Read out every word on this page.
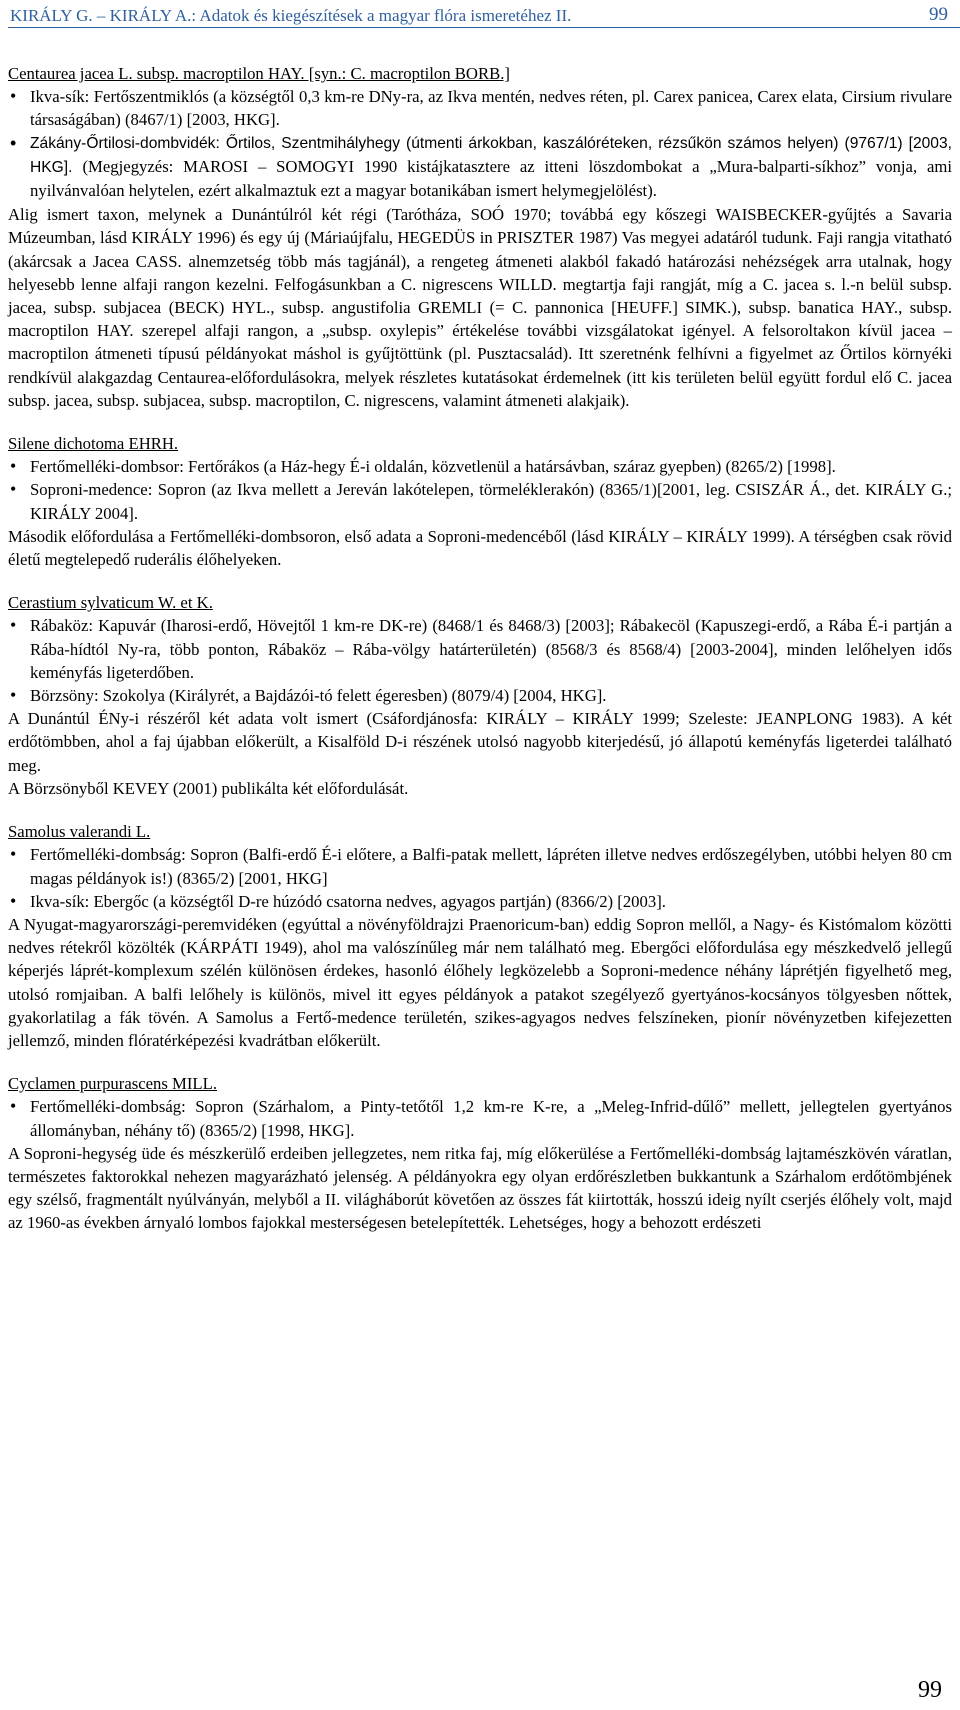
KIRÁLY G. – KIRÁLY A.: Adatok és kiegészítések a magyar flóra ismeretéhez II.	99

Centaurea jacea L. subsp. macroptilon HAY. [syn.: C. macroptilon BORB.]

• Ikva-sík: Fertőszentmiklós (a községtől 0,3 km-re DNy-ra, az Ikva mentén, nedves réten, pl. Carex panicea, Carex elata, Cirsium rivulare társaságában) (8467/1) [2003, HKG].
• Zákány-Őrtilosi-dombvidék: Őrtilos, Szentmihályhegy (útmenti árkokban, kaszálóréteken, rézsűkön számos helyen) (9767/1) [2003, HKG]. (Megjegyzés: MAROSI – SOMOGYI 1990 kistájkatasztere az itteni löszdombokat a „Mura-balparti-síkhoz” vonja, ami nyilvánvalóan helytelen, ezért alkalmaztuk ezt a magyar botanikában ismert helymegjelölést).

Alig ismert taxon, melynek a Dunántúlról két régi (Tarótháza, SOÓ 1970; továbbá egy kőszegi WAISBECKER-gyűjtés a Savaria Múzeumban, lásd KIRÁLY 1996) és egy új (Máriaújfalu, HEGEDÜS in PRISZTER 1987) Vas megyei adatáról tudunk. Faji rangja vitatható (akárcsak a Jacea CASS. alnemzetség több más tagjánál), a rengeteg átmeneti alakból fakadó határozási nehézségek arra utalnak, hogy helyesebb lenne alfaji rangon kezelni. Felfogásunkban a C. nigrescens WILLD. megtartja faji rangját, míg a C. jacea s. l.-n belül subsp. jacea, subsp. subjacea (BECK) HYL., subsp. angustifolia GREMLI (= C. pannonica [HEUFF.] SIMK.), subsp. banatica HAY., subsp. macroptilon HAY. szerepel alfaji rangon, a „subsp. oxylepis” értékelése további vizsgálatokat igényel. A felsoroltakon kívül jacea – macroptilon átmeneti típusú példányokat máshol is gyűjtöttünk (pl. Pusztacsalád). Itt szeretnénk felhívni a figyelmet az Őrtilos környéki rendkívül alakgazdag Centaurea-előfordulásokra, melyek részletes kutatásokat érdemelnek (itt kis területen belül együtt fordul elő C. jacea subsp. jacea, subsp. subjacea, subsp. macroptilon, C. nigrescens, valamint átmeneti alakjaik).

Silene dichotoma EHRH.

• Fertőmelléki-dombsor: Fertőrákos (a Ház-hegy É-i oldalán, közvetlenül a határsávban, száraz gyepben) (8265/2) [1998].
• Soproni-medence: Sopron (az Ikva mellett a Jereván lakótelepen, törmeléklerakón) (8365/1)[2001, leg. CSISZÁR Á., det. KIRÁLY G.; KIRÁLY 2004].

Második előfordulása a Fertőmelléki-dombsoron, első adata a Soproni-medencéből (lásd KIRÁLY – KIRÁLY 1999). A térségben csak rövid életű megtelepedő ruderális élőhelyeken.

Cerastium sylvaticum W. et K.

• Rábaköz: Kapuvár (Iharosi-erdő, Hövejtől 1 km-re DK-re) (8468/1 és 8468/3) [2003]; Rábakecöl (Kapuszegi-erdő, a Rába É-i partján a Rába-hídtól Ny-ra, több ponton, Rábaköz – Rába-völgy határterületén) (8568/3 és 8568/4) [2003-2004], minden lelőhelyen idős keményfás ligeterdőben.
• Börzsöny: Szokolya (Királyrét, a Bajdázói-tó felett égeresben) (8079/4) [2004, HKG].

A Dunántúl ÉNy-i részéről két adata volt ismert (Csáfordjánosfa: KIRÁLY – KIRÁLY 1999; Szeleste: JEANPLONG 1983). A két erdőtömbben, ahol a faj újabban előkerült, a Kisalföld D-i részének utolsó nagyobb kiterjedésű, jó állapotú keményfás ligeterdei található meg.

A Börzsönyből KEVEY (2001) publikálta két előfordulását.

Samolus valerandi L.

• Fertőmelléki-dombság: Sopron (Balfi-erdő É-i előtere, a Balfi-patak mellett, lápréten illetve nedves erdőszegélyben, utóbbi helyen 80 cm magas példányok is!) (8365/2) [2001, HKG]
• Ikva-sík: Ebergőc (a községtől D-re húzódó csatorna nedves, agyagos partján) (8366/2) [2003].

A Nyugat-magyarországi-peremvidéken (egyúttal a növényföldrajzi Praenoricum-ban) eddig Sopron mellől, a Nagy- és Kistómalom közötti nedves rétekről közölték (KÁRPÁTI 1949), ahol ma valószínűleg már nem található meg. Ebergőci előfordulása egy mészkedvelő jellegű képerjés láprét-komplexum szélén különösen érdekes, hasonló élőhely legközelebb a Soproni-medence néhány láprétjén figyelhető meg, utolsó romjaiban. A balfi lelőhely is különös, mivel itt egyes példányok a patakot szegélyező gyertyános-kocsányos tölgyesben nőttek, gyakorlatilag a fák tövén. A Samolus a Fertő-medence területén, szikes-agyagos nedves felszíneken, pionír növényzetben kifejezetten jellemző, minden flóratérképezési kvadrátban előkerült.

Cyclamen purpurascens MILL.

• Fertőmelléki-dombság: Sopron (Szárhalom, a Pinty-tetőtől 1,2 km-re K-re, a „Meleg-Infrid-dűlő” mellett, jellegtelen gyertyános állományban, néhány tő) (8365/2) [1998, HKG].

A Soproni-hegység üde és mészkerülő erdeiben jellegzetes, nem ritka faj, míg előkerülése a Fertőmelléki-dombság lajtamészkövén váratlan, természetes faktorokkal nehezen magyarázható jelenség. A példányokra egy olyan erdőrészletben bukkantunk a Szárhalom erdőtömbjének egy szélső, fragmentált nyúlványán, melyből a II. világháborút követően az összes fát kiirtották, hosszú ideig nyílt cserjés élőhely volt, majd az 1960-as években árnyaló lombos fajokkal mesterségesen betelepítették. Lehetséges, hogy a behozott erdészeti

99
